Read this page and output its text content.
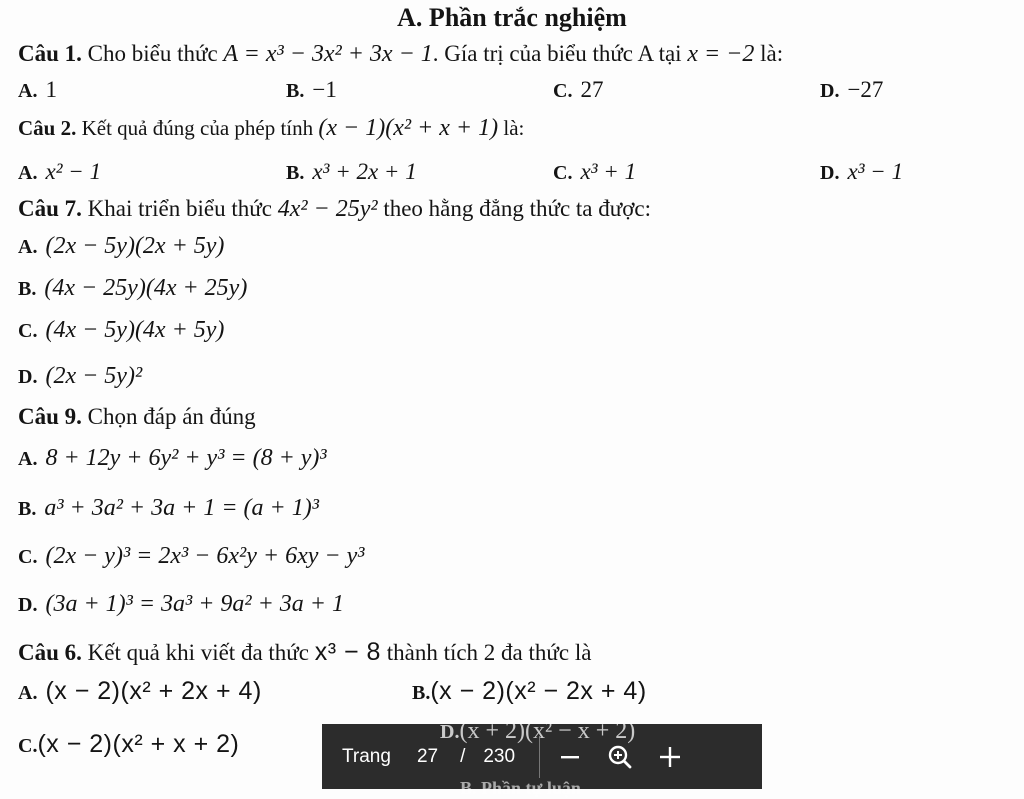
A. Phần trắc nghiệm
Câu 1. Cho biểu thức A = x³ − 3x² + 3x − 1. Gía trị của biểu thức A tại x = −2 là:
A. 1	B. −1	C. 27	D. −27
Câu 2. Kết quả đúng của phép tính (x − 1)(x² + x + 1) là:
A. x² − 1	B. x³ + 2x + 1	C. x³ + 1	D. x³ − 1
Câu 7. Khai triển biểu thức 4x² − 25y² theo hằng đẳng thức ta được:
A. (2x − 5y)(2x + 5y)
B. (4x − 25y)(4x + 25y)
C. (4x − 5y)(4x + 5y)
D. (2x − 5y)²
Câu 9. Chọn đáp án đúng
A. 8 + 12y + 6y² + y³ = (8 + y)³
B. a³ + 3a² + 3a + 1 = (a + 1)³
C. (2x − y)³ = 2x³ − 6x²y + 6xy − y³
D. (3a + 1)³ = 3a³ + 9a² + 3a + 1
Câu 6. Kết quả khi viết đa thức x³ − 8 thành tích 2 đa thức là
A. (x − 2)(x² + 2x + 4)	B.(x − 2)(x² − 2x + 4)
C.(x − 2)(x² + x + 2)	Trang 27 / 230
D.(x + 2)(x² − x + 2)
B. Phần tự luận
